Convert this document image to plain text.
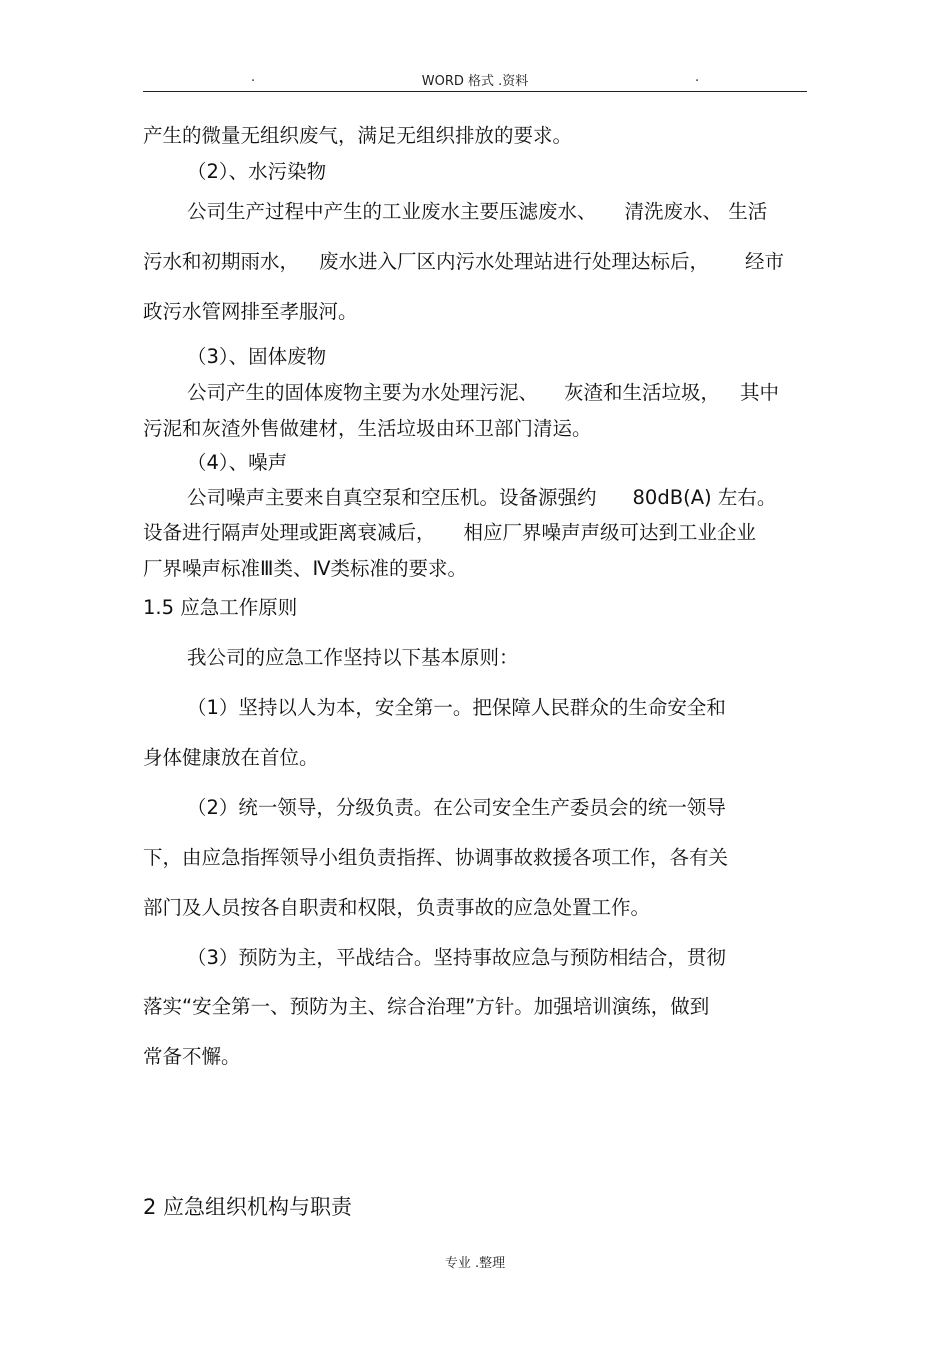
.	WORD 格式 .资料	.
产生的微量无组织废气，满足无组织排放的要求。
（2）、水污染物
公司生产过程中产生的工业废水主要压滤废水、 清洗废水、 生活
污水和初期雨水， 废水进入厂区内污水处理站进行处理达标后， 经市
政污水管网排至孝服河。
（3）、固体废物
公司产生的固体废物主要为水处理污泥、 灰渣和生活垃圾， 其中
污泥和灰渣外售做建材，生活垃圾由环卫部门清运。
（4）、噪声
公司噪声主要来自真空泵和空压机。设备源强约 80dB(A) 左右。
设备进行隔声处理或距离衰减后， 相应厂界噪声声级可达到工业企业
厂界噪声标准Ⅲ类、Ⅳ类标准的要求。
1.5 应急工作原则
我公司的应急工作坚持以下基本原则：
（1）坚持以人为本，安全第一。把保障人民群众的生命安全和
身体健康放在首位。
（2）统一领导，分级负责。在公司安全生产委员会的统一领导
下，由应急指挥领导小组负责指挥、协调事故救援各项工作，各有关
部门及人员按各自职责和权限，负责事故的应急处置工作。
（3）预防为主，平战结合。坚持事故应急与预防相结合，贯彻
落实“安全第一、预防为主、综合治理”方针。加强培训演练，做到
常备不懈。
2 应急组织机构与职责
专业 .整理
